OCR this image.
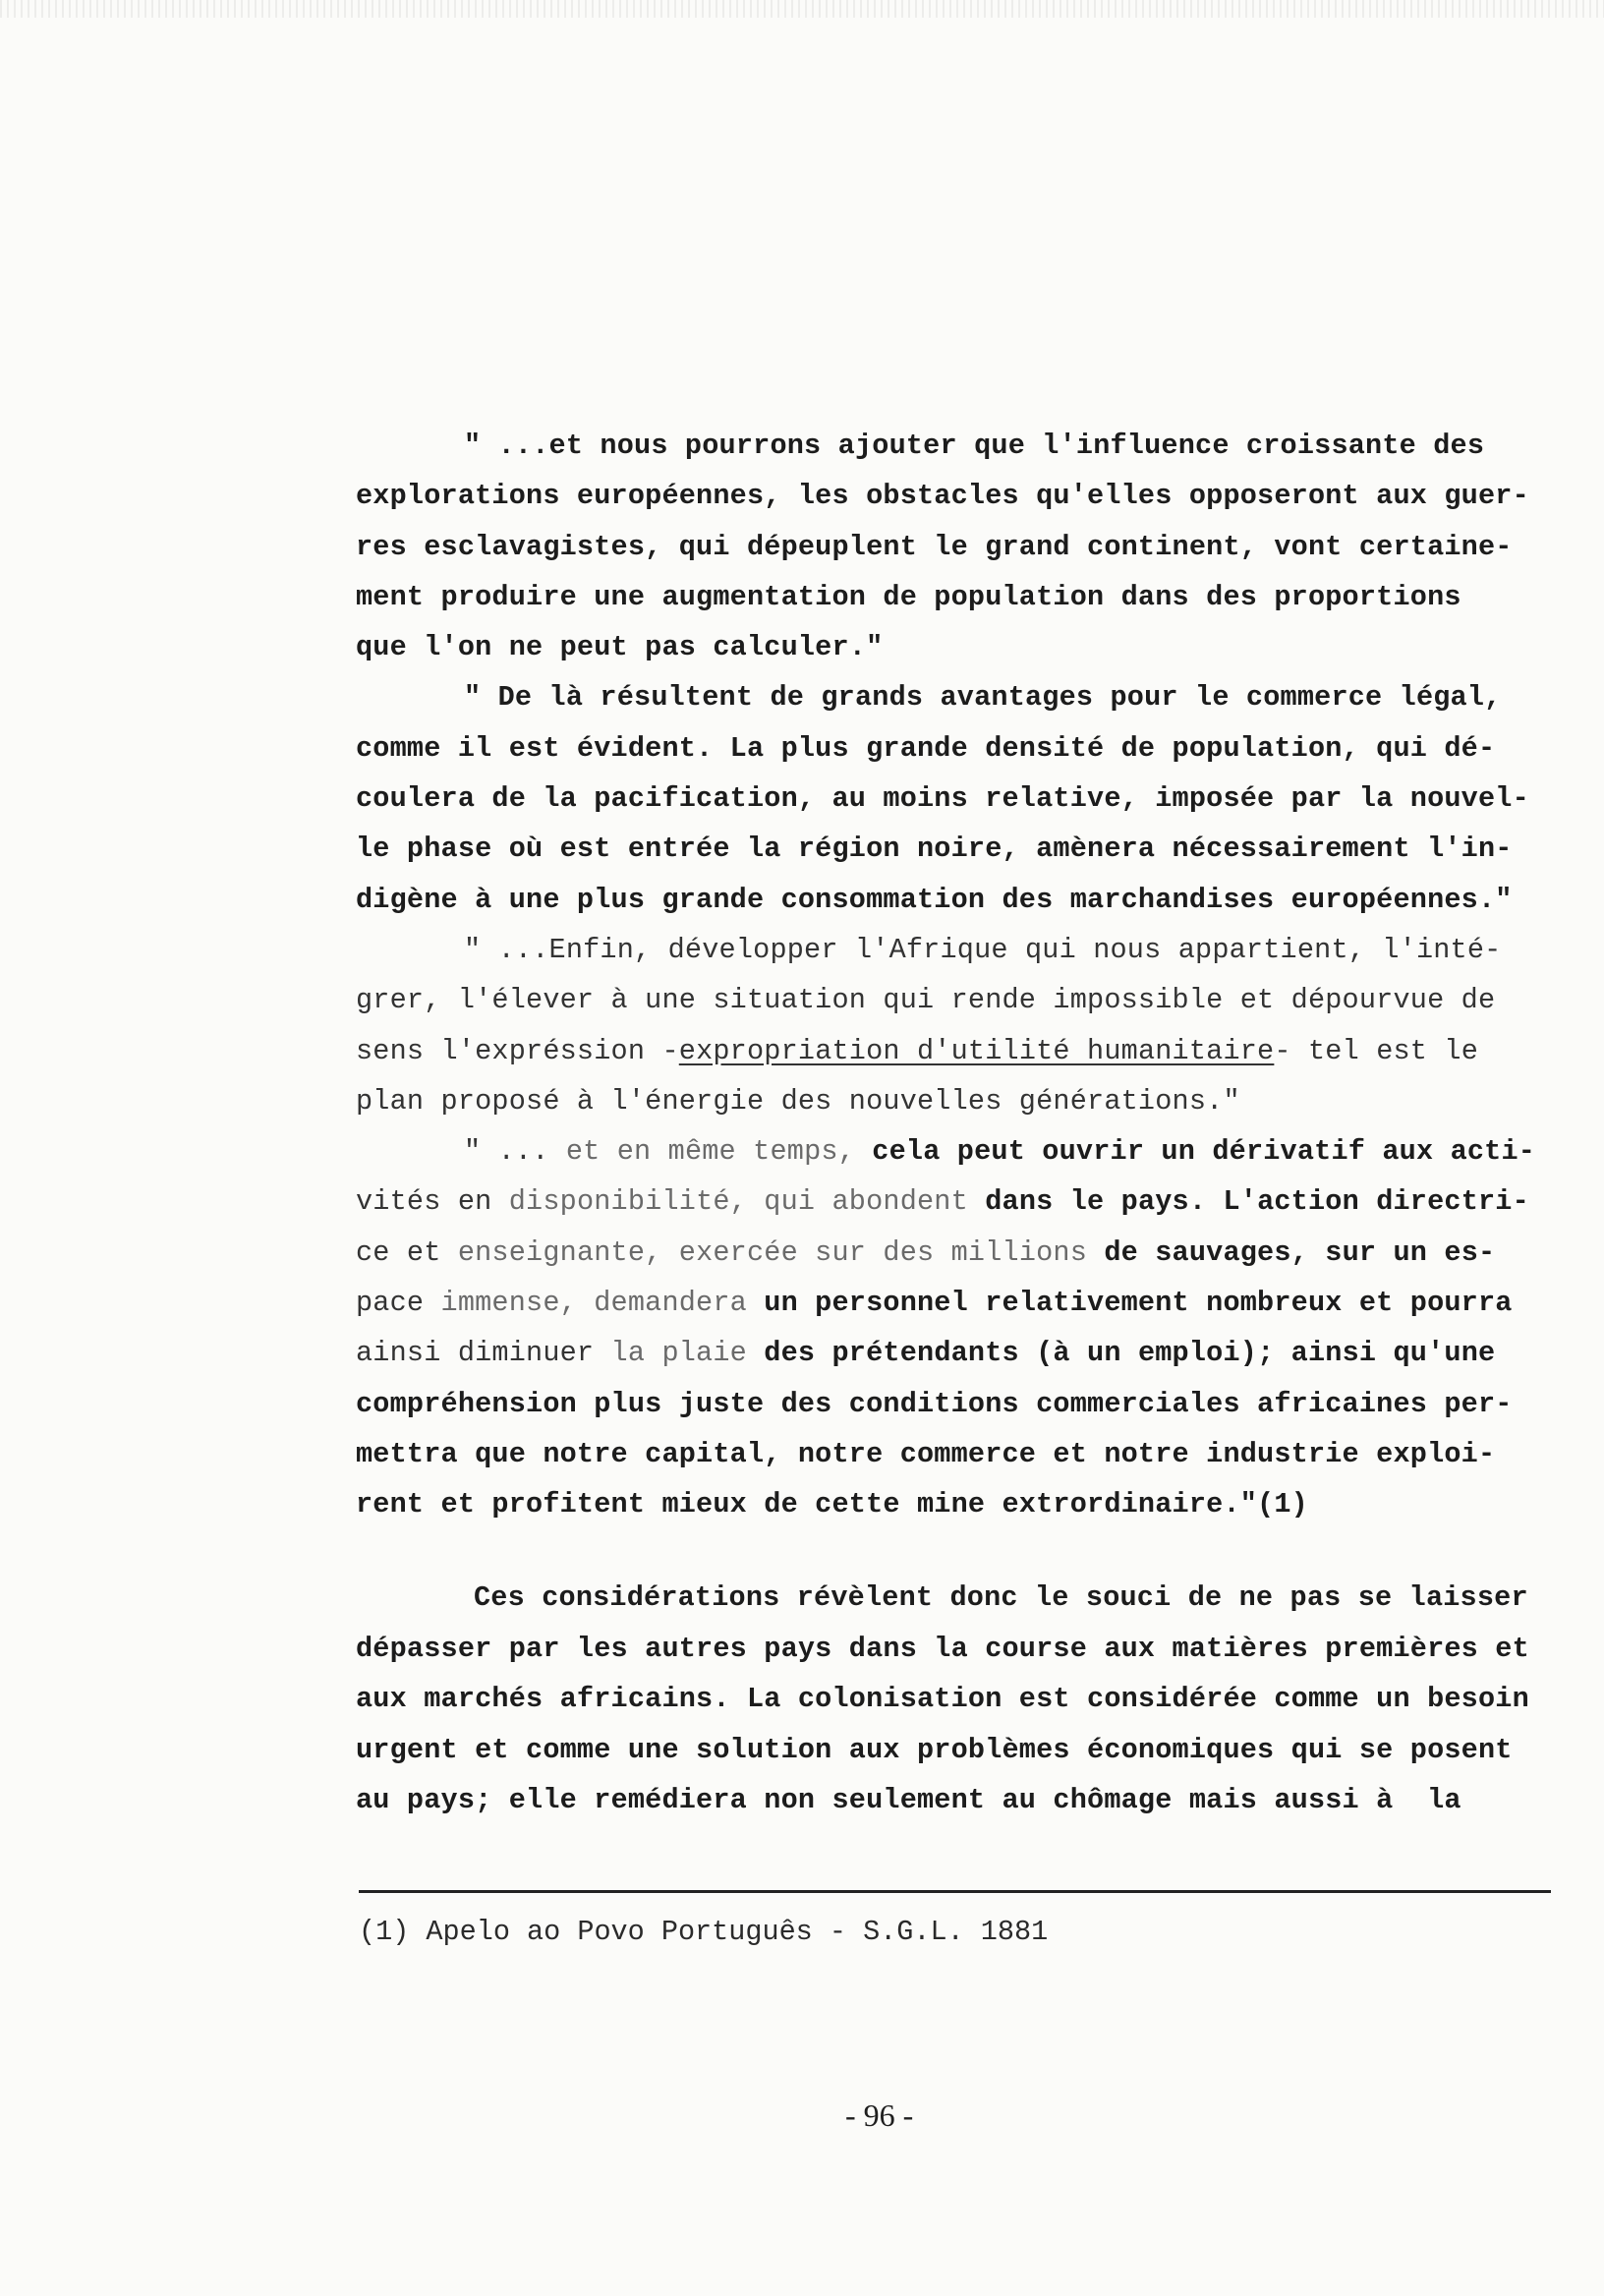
" ...et nous pourrons ajouter que l'influence croissante des
explorations européennes, les obstacles qu'elles opposeront aux guer-
res esclavagistes, qui dépeuplent le grand continent, vont certaine-
ment produire une augmentation de population dans des proportions
que l'on ne peut pas calculer."
" De là résultent de grands avantages pour le commerce légal,
comme il est évident. La plus grande densité de population, qui dé-
coulera de la pacification, au moins relative, imposée par la nouvel-
le phase où est entrée la région noire, amènera nécessairement l'in-
digène à une plus grande consommation des marchandises européennes."
" ...Enfin, développer l'Afrique qui nous appartient, l'inté-
grer, l'élever à une situation qui rende impossible et dépourvue de
sens l'expréssion -expropriation d'utilité humanitaire- tel est le
plan proposé à l'énergie des nouvelles générations."
" ... et en même temps, cela peut ouvrir un dérivatif aux acti-
vités en disponibilité, qui abondent dans le pays. L'action directri-
ce et enseignante, exercée sur des millions de sauvages, sur un es-
pace immense, demandera un personnel relativement nombreux et pourra
ainsi diminuer la plaie des prétendants (à un emploi); ainsi qu'une
compréhension plus juste des conditions commerciales africaines per-
mettra que notre capital, notre commerce et notre industrie exploi-
rent et profitent mieux de cette mine extrordinaire."(1)
Ces considérations révèlent donc le souci de ne pas se laisser
dépasser par les autres pays dans la course aux matières premières et
aux marchés africains. La colonisation est considérée comme un besoin
urgent et comme une solution aux problèmes économiques qui se posent
au pays; elle remédiera non seulement au chômage mais aussi à  la
(1) Apelo ao Povo Português - S.G.L. 1881
- 96 -
